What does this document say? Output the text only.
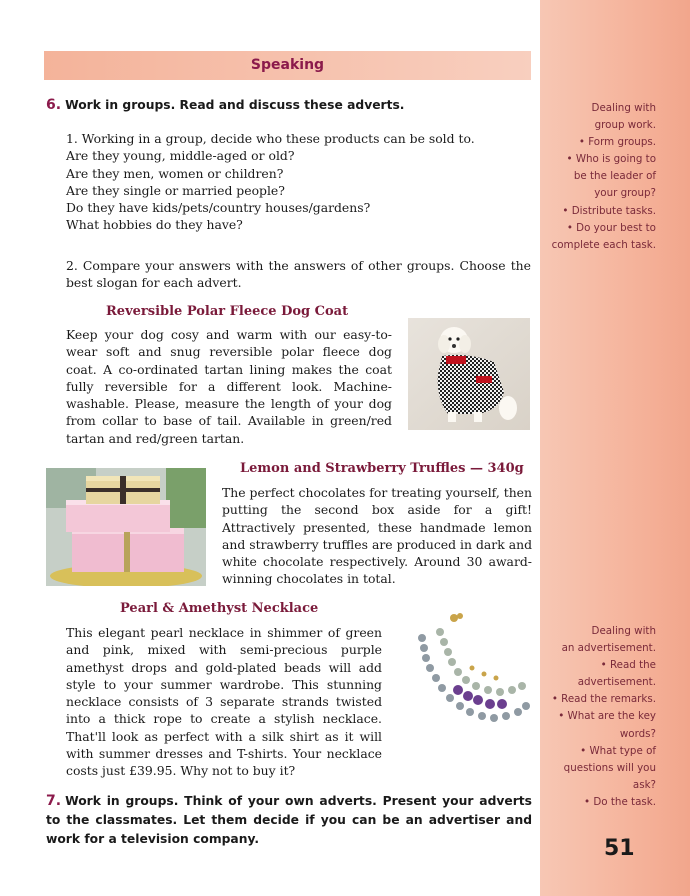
Speaking
6. Work in groups. Read and discuss these adverts.
1. Working in a group, decide who these products can be sold to.
Are they young, middle-aged or old?
Are they men, women or children?
Are they single or married people?
Do they have kids/pets/country houses/gardens?
What hobbies do they have?
2. Compare your answers with the answers of other groups. Choose the best slogan for each advert.
Reversible Polar Fleece Dog Coat
Keep your dog cosy and warm with our easy-to-wear soft and snug reversible polar fleece dog coat. A co-ordinated tartan lining makes the coat fully reversible for a different look. Machine-washable. Please, measure the length of your dog from collar to base of tail. Available in green/red tartan and red/green tartan.
Lemon and Strawberry Truffles — 340g
The perfect chocolates for treating yourself, then putting the second box aside for a gift! Attractively presented, these handmade lemon and strawberry truffles are produced in dark and white chocolate respectively. Around 30 award-winning chocolates in total.
Pearl & Amethyst Necklace
This elegant pearl necklace in shimmer of green and pink, mixed with semi-precious purple amethyst drops and gold-plated beads will add style to your summer wardrobe. This stunning necklace consists of 3 separate strands twisted into a thick rope to create a stylish necklace. That'll look as perfect with a silk shirt as it will with summer dresses and T-shirts. Your necklace costs just £39.95. Why not to buy it?
7. Work in groups. Think of your own adverts. Present your adverts to the classmates. Let them decide if you can be an advertiser and work for a television company.
Dealing with
group work.
• Form groups.
• Who is going to
be the leader of
your group?
• Distribute tasks.
• Do your best to
complete each task.
Dealing with
an advertisement.
• Read the
advertisement.
• Read the remarks.
• What are the key
words?
• What type of
questions will you
ask?
• Do the task.
51
